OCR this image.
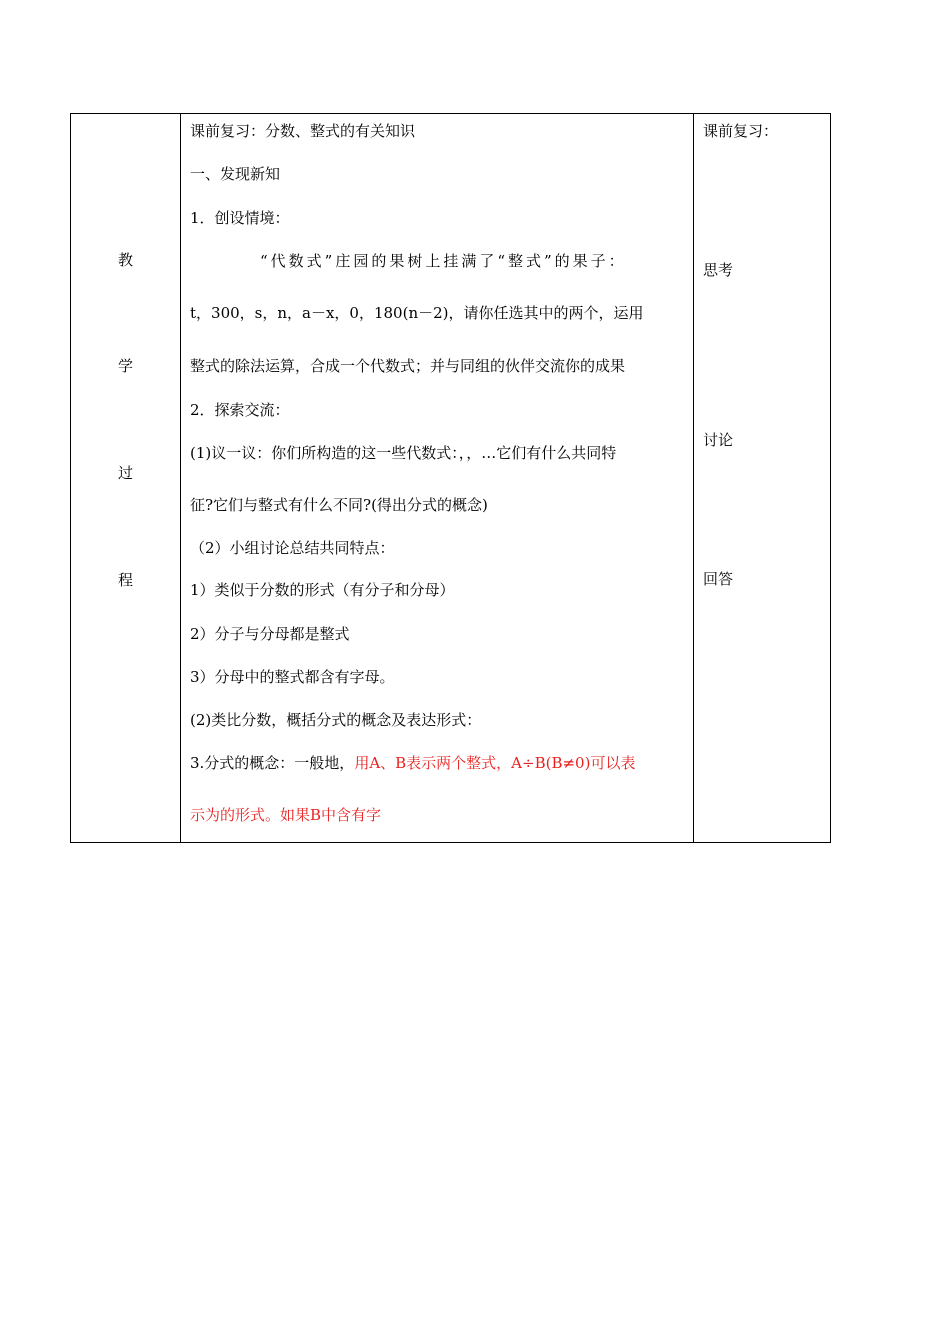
教
学
过
程

课前复习：分数、整式的有关知识
一、发现新知
1．创设情境：
“代数式”庄园的果树上挂满了“整式”的果子：
t，300，s，n，a－x，0，180(n－2)，请你任选其中的两个，运用
整式的除法运算，合成一个代数式；并与同组的伙伴交流你的成果
2．探索交流：
(1)议一议：你们所构造的这一些代数式：，，…它们有什么共同特
征?它们与整式有什么不同?(得出分式的概念)
（2）小组讨论总结共同特点：
1）类似于分数的形式（有分子和分母）
2）分子与分母都是整式
3）分母中的整式都含有字母。
(2)类比分数，概括分式的概念及表达形式：
3.分式的概念：一般地，用A、B表示两个整式，A÷B(B≠0)可以表
示为的形式。如果B中含有字

课前复习：
思考
讨论
回答
